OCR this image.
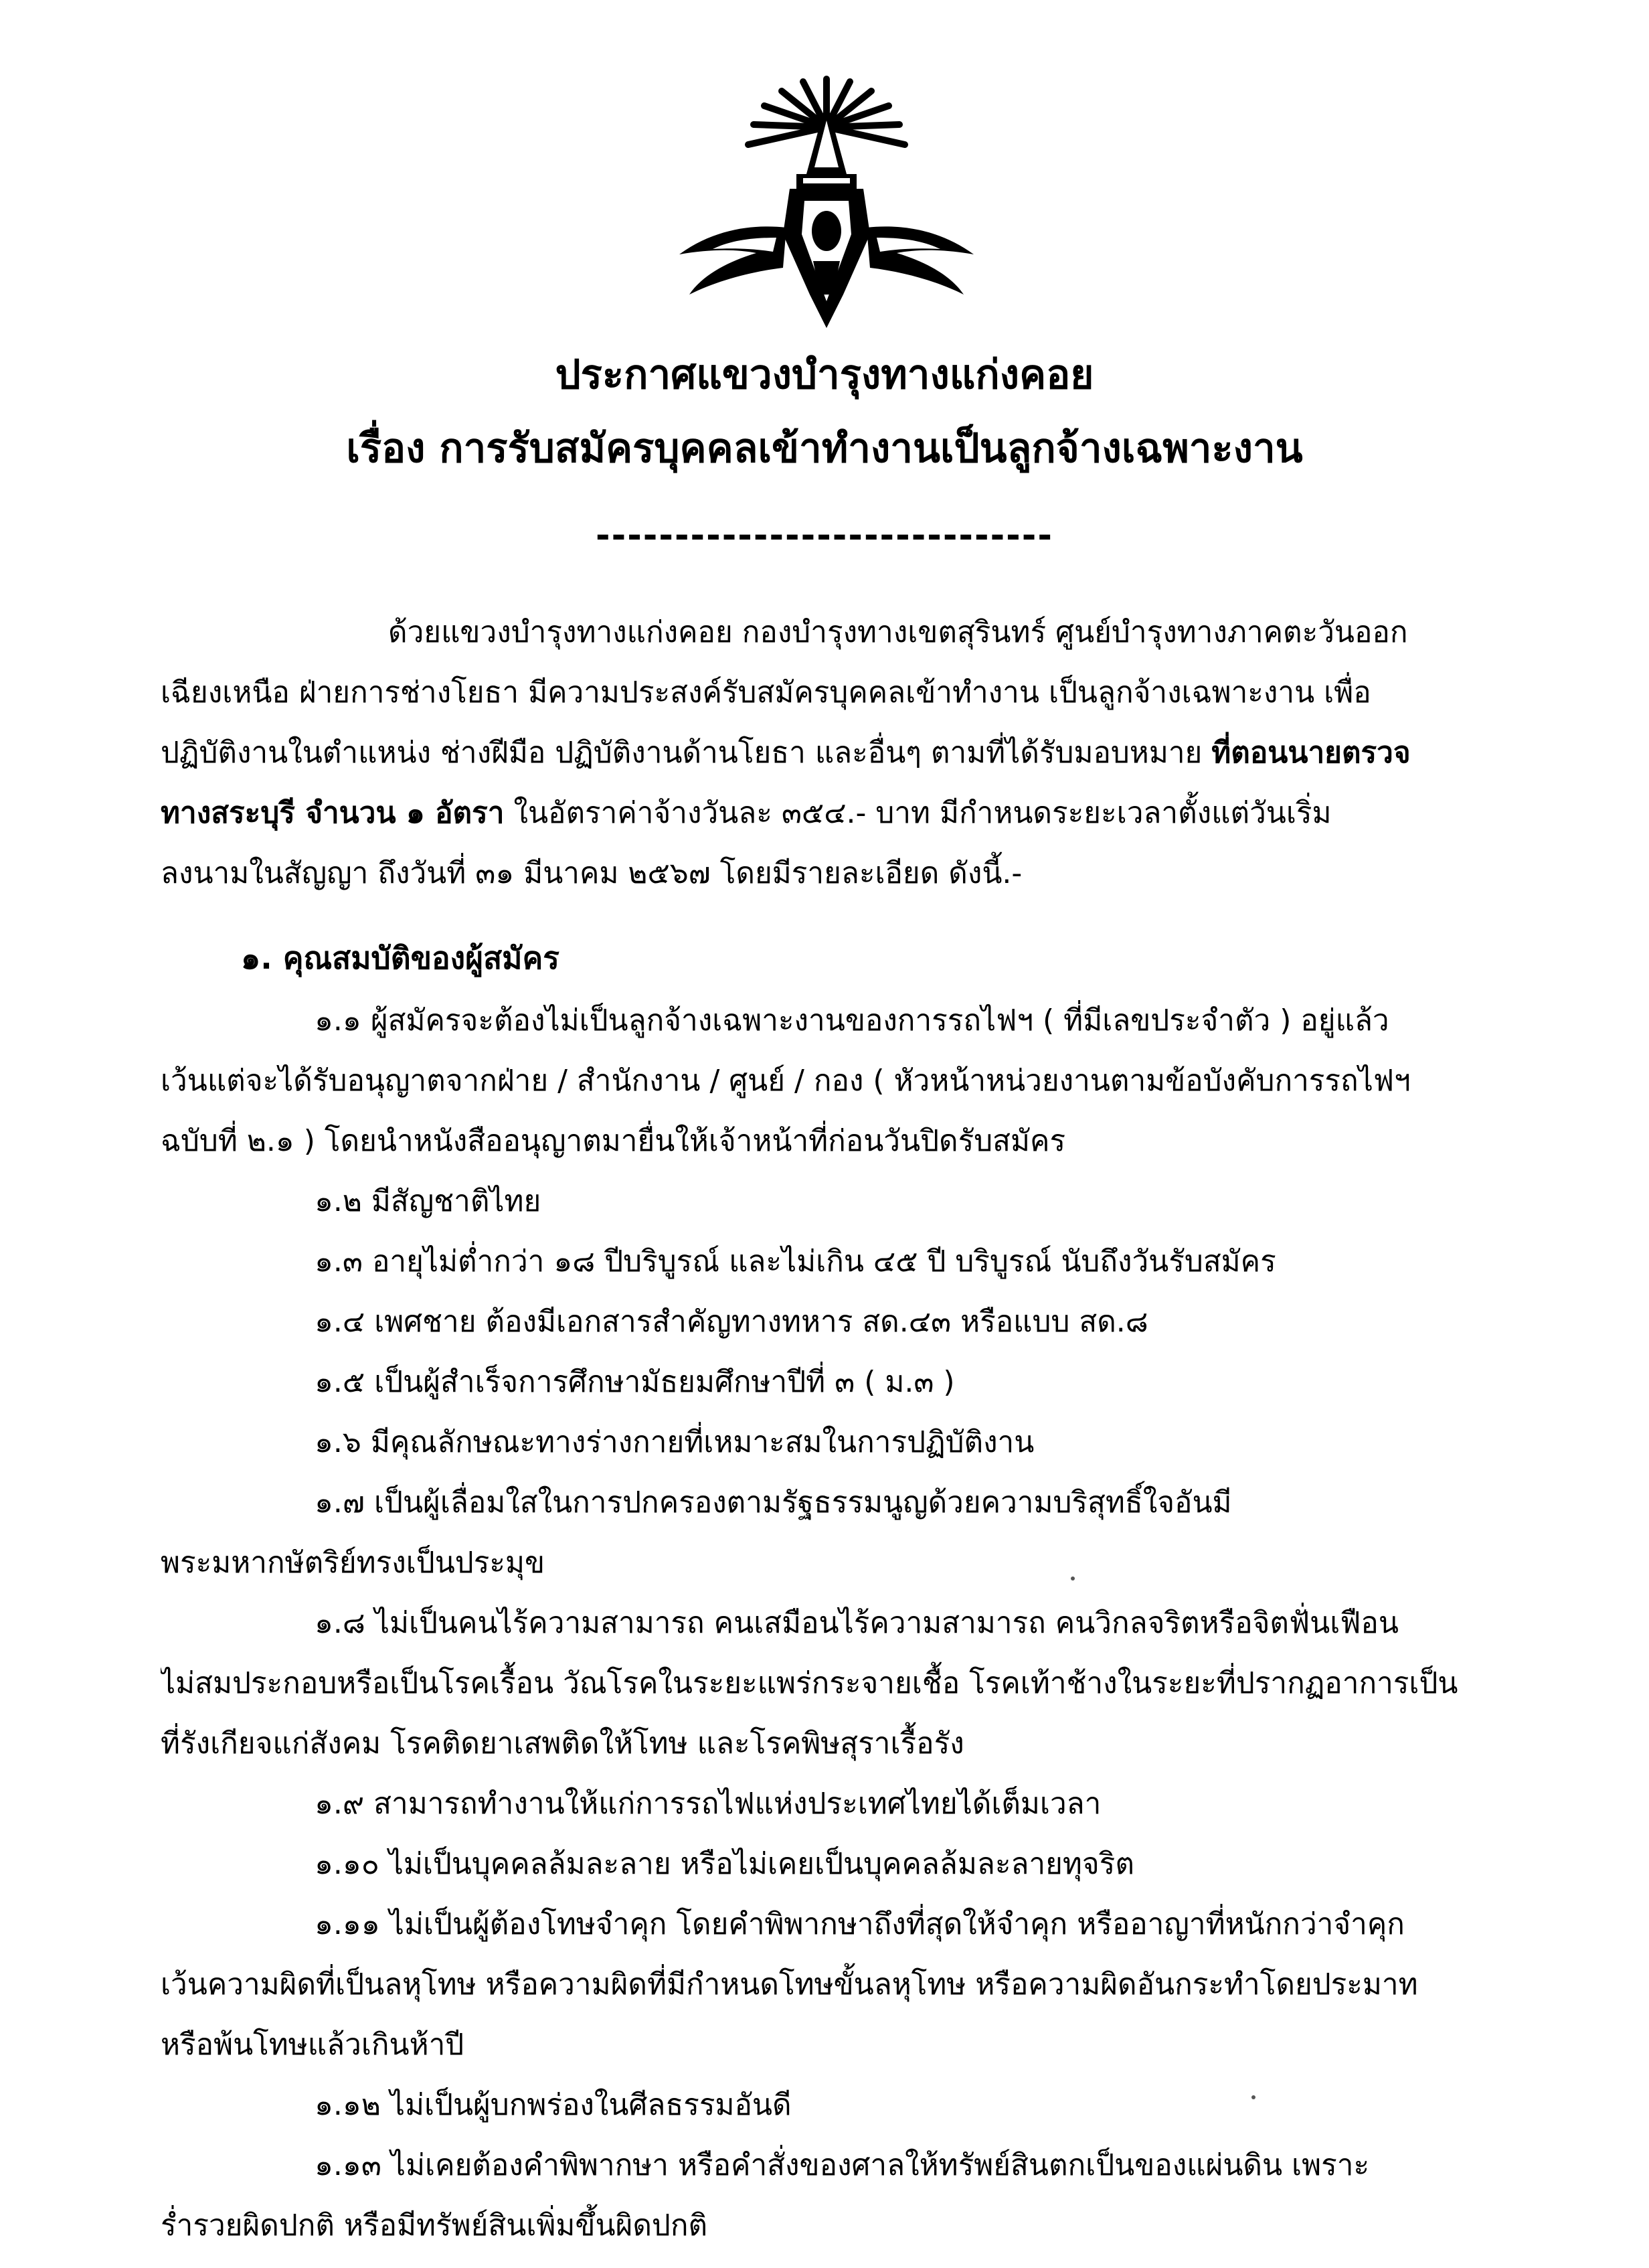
ประกาศแขวงบำรุงทางแก่งคอย
เรื่อง การรับสมัครบุคคลเข้าทำงานเป็นลูกจ้างเฉพาะงาน
-----------------------------
ด้วยแขวงบำรุงทางแก่งคอย กองบำรุงทางเขตสุรินทร์ ศูนย์บำรุงทางภาคตะวันออก
เฉียงเหนือ ฝ่ายการช่างโยธา มีความประสงค์รับสมัครบุคคลเข้าทำงาน เป็นลูกจ้างเฉพาะงาน เพื่อ
ปฏิบัติงานในตำแหน่ง ช่างฝีมือ ปฏิบัติงานด้านโยธา และอื่นๆ ตามที่ได้รับมอบหมาย ที่ตอนนายตรวจ
ทางสระบุรี จำนวน ๑ อัตรา ในอัตราค่าจ้างวันละ ๓๕๔.- บาท มีกำหนดระยะเวลาตั้งแต่วันเริ่ม
ลงนามในสัญญา ถึงวันที่ ๓๑ มีนาคม ๒๕๖๗ โดยมีรายละเอียด ดังนี้.-
๑. คุณสมบัติของผู้สมัคร
๑.๑ ผู้สมัครจะต้องไม่เป็นลูกจ้างเฉพาะงานของการรถไฟฯ ( ที่มีเลขประจำตัว ) อยู่แล้ว
เว้นแต่จะได้รับอนุญาตจากฝ่าย / สำนักงาน / ศูนย์ / กอง ( หัวหน้าหน่วยงานตามข้อบังคับการรถไฟฯ
ฉบับที่ ๒.๑ ) โดยนำหนังสืออนุญาตมายื่นให้เจ้าหน้าที่ก่อนวันปิดรับสมัคร
๑.๒ มีสัญชาติไทย
๑.๓ อายุไม่ต่ำกว่า ๑๘ ปีบริบูรณ์ และไม่เกิน ๔๕ ปี บริบูรณ์ นับถึงวันรับสมัคร
๑.๔ เพศชาย ต้องมีเอกสารสำคัญทางทหาร สด.๔๓ หรือแบบ สด.๘
๑.๕ เป็นผู้สำเร็จการศึกษามัธยมศึกษาปีที่ ๓ ( ม.๓ )
๑.๖ มีคุณลักษณะทางร่างกายที่เหมาะสมในการปฏิบัติงาน
๑.๗ เป็นผู้เลื่อมใสในการปกครองตามรัฐธรรมนูญด้วยความบริสุทธิ์ใจอันมี
พระมหากษัตริย์ทรงเป็นประมุข
๑.๘ ไม่เป็นคนไร้ความสามารถ คนเสมือนไร้ความสามารถ คนวิกลจริตหรือจิตฟั่นเฟือน
ไม่สมประกอบหรือเป็นโรคเรื้อน วัณโรคในระยะแพร่กระจายเชื้อ โรคเท้าช้างในระยะที่ปรากฏอาการเป็น
ที่รังเกียจแก่สังคม โรคติดยาเสพติดให้โทษ และโรคพิษสุราเรื้อรัง
๑.๙ สามารถทำงานให้แก่การรถไฟแห่งประเทศไทยได้เต็มเวลา
๑.๑๐ ไม่เป็นบุคคลล้มละลาย หรือไม่เคยเป็นบุคคลล้มละลายทุจริต
๑.๑๑ ไม่เป็นผู้ต้องโทษจำคุก โดยคำพิพากษาถึงที่สุดให้จำคุก หรืออาญาที่หนักกว่าจำคุก
เว้นความผิดที่เป็นลหุโทษ หรือความผิดที่มีกำหนดโทษขั้นลหุโทษ หรือความผิดอันกระทำโดยประมาท
หรือพ้นโทษแล้วเกินห้าปี
๑.๑๒ ไม่เป็นผู้บกพร่องในศีลธรรมอันดี
๑.๑๓ ไม่เคยต้องคำพิพากษา หรือคำสั่งของศาลให้ทรัพย์สินตกเป็นของแผ่นดิน เพราะ
ร่ำรวยผิดปกติ หรือมีทรัพย์สินเพิ่มขึ้นผิดปกติ
